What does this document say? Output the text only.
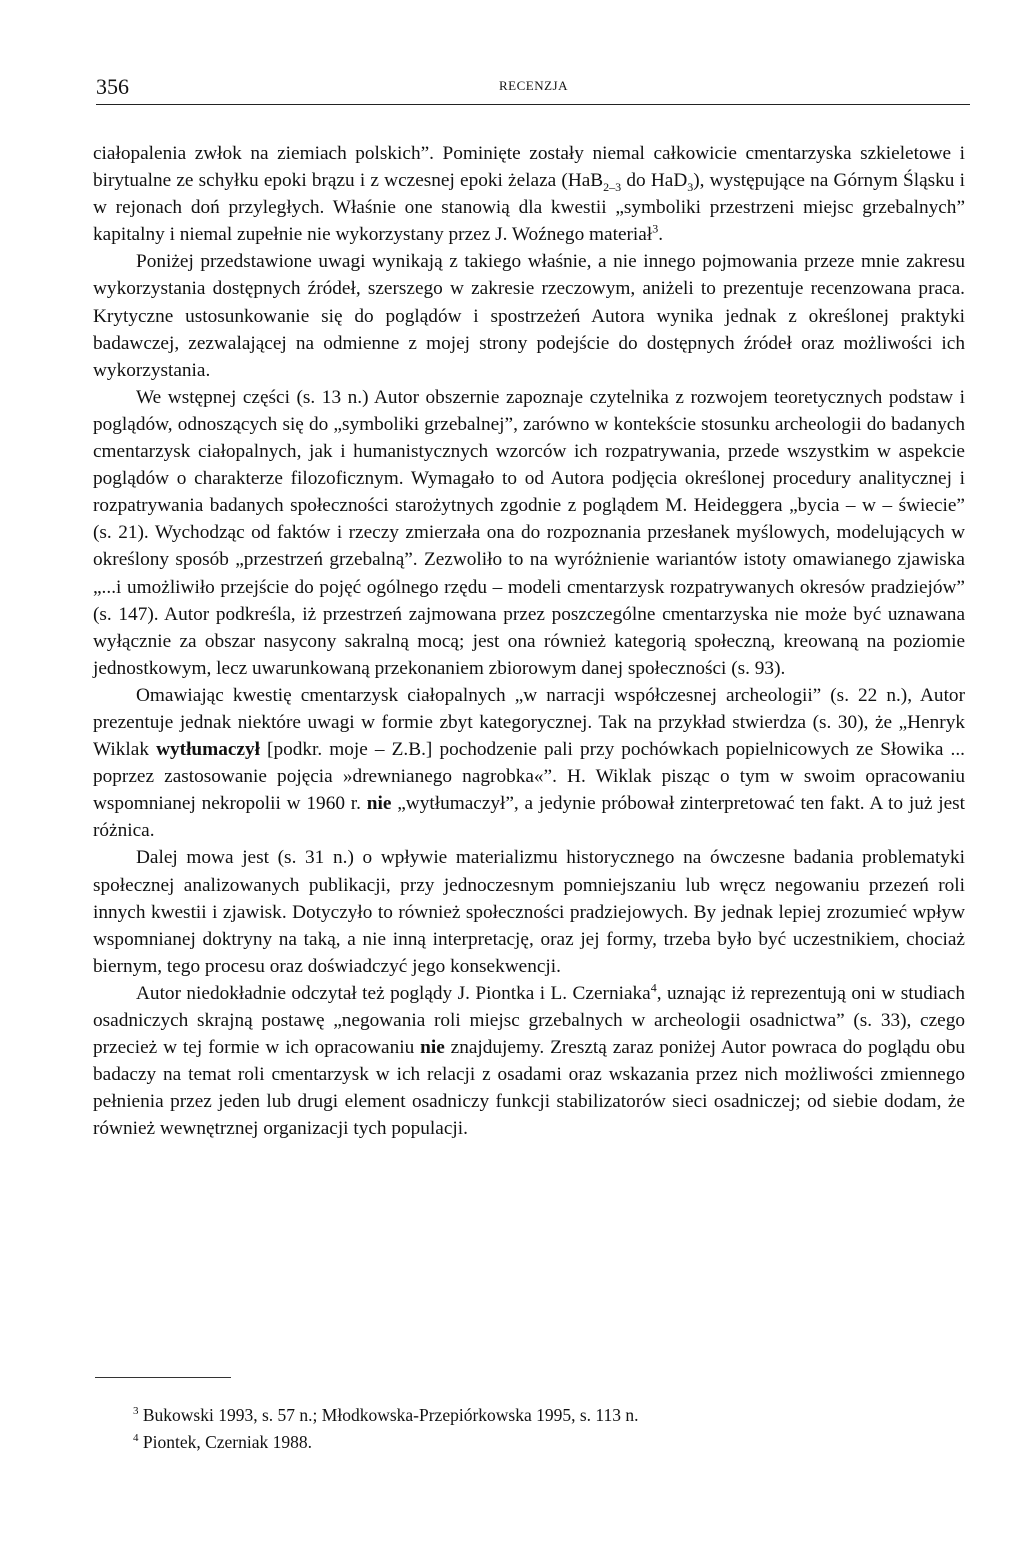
356	RECENZJA

ciałopalenia zwłok na ziemiach polskich”. Pominięte zostały niemal całkowicie cmentarzyska szkieletowe i birytualne ze schyłku epoki brązu i z wczesnej epoki żelaza (HaB$_{2-3}$ do HaD$_3$), występujące na Górnym Śląsku i w rejonach doń przyległych. Właśnie one stanowią dla kwestii „symboliki przestrzeni miejsc grzebalnych” kapitalny i niemal zupełnie nie wykorzystany przez J. Woźnego materiał$^3$.

Poniżej przedstawione uwagi wynikają z takiego właśnie, a nie innego pojmowania przeze mnie zakresu wykorzystania dostępnych źródeł, szerszego w zakresie rzeczowym, aniżeli to prezentuje recenzowana praca. Krytyczne ustosunkowanie się do poglądów i spostrzeżeń Autora wynika jednak z określonej praktyki badawczej, zezwalającej na odmienne z mojej strony podejście do dostępnych źródeł oraz możliwości ich wykorzystania.

We wstępnej części (s. 13 n.) Autor obszernie zapoznaje czytelnika z rozwojem teoretycznych podstaw i poglądów, odnoszących się do „symboliki grzebalnej”, zarówno w kontekście stosunku archeologii do badanych cmentarzysk ciałopalnych, jak i humanistycznych wzorców ich rozpatrywania, przede wszystkim w aspekcie poglądów o charakterze filozoficznym. Wymagało to od Autora podjęcia określonej procedury analitycznej i rozpatrywania badanych społeczności starożytnych zgodnie z poglądem M. Heideggera „bycia – w – świecie” (s. 21). Wychodząc od faktów i rzeczy zmierzała ona do rozpoznania przesłanek myślowych, modelujących w określony sposób „przestrzeń grzebalną”. Zezwoliło to na wyróżnienie wariantów istoty omawianego zjawiska „...i umożliwiło przejście do pojęć ogólnego rzędu – modeli cmentarzysk rozpatrywanych okresów pradziejów” (s. 147). Autor podkreśla, iż przestrzeń zajmowana przez poszczególne cmentarzyska nie może być uznawana wyłącznie za obszar nasycony sakralną mocą; jest ona również kategorią społeczną, kreowaną na poziomie jednostkowym, lecz uwarunkowaną przekonaniem zbiorowym danej społeczności (s. 93).

Omawiając kwestię cmentarzysk ciałopalnych „w narracji współczesnej archeologii” (s. 22 n.), Autor prezentuje jednak niektóre uwagi w formie zbyt kategorycznej. Tak na przykład stwierdza (s. 30), że „Henryk Wiklak wytłumaczył [podkr. moje – Z.B.] pochodzenie pali przy pochówkach popielnicowych ze Słowika ... poprzez zastosowanie pojęcia »drewnianego nagrobka«”. H. Wiklak pisząc o tym w swoim opracowaniu wspomnianej nekropolii w 1960 r. nie „wytłumaczył”, a jedynie próbował zinterpretować ten fakt. A to już jest różnica.

Dalej mowa jest (s. 31 n.) o wpływie materializmu historycznego na ówczesne badania problematyki społecznej analizowanych publikacji, przy jednoczesnym pomniejszaniu lub wręcz negowaniu przezeń roli innych kwestii i zjawisk. Dotyczyło to również społeczności pradziejowych. By jednak lepiej zrozumieć wpływ wspomnianej doktryny na taką, a nie inną interpretację, oraz jej formy, trzeba było być uczestnikiem, chociaż biernym, tego procesu oraz doświadczyć jego konsekwencji.

Autor niedokładnie odczytał też poglądy J. Piontka i L. Czerniaka$^4$, uznając iż reprezentują oni w studiach osadniczych skrajną postawę „negowania roli miejsc grzebalnych w archeologii osadnictwa” (s. 33), czego przecież w tej formie w ich opracowaniu nie znajdujemy. Zresztą zaraz poniżej Autor powraca do poglądu obu badaczy na temat roli cmentarzysk w ich relacji z osadami oraz wskazania przez nich możliwości zmiennego pełnienia przez jeden lub drugi element osadniczy funkcji stabilizatorów sieci osadniczej; od siebie dodam, że również wewnętrznej organizacji tych populacji.

$^3$ Bukowski 1993, s. 57 n.; Młodkowska-Przepiórkowska 1995, s. 113 n.

$^4$ Piontek, Czerniak 1988.
